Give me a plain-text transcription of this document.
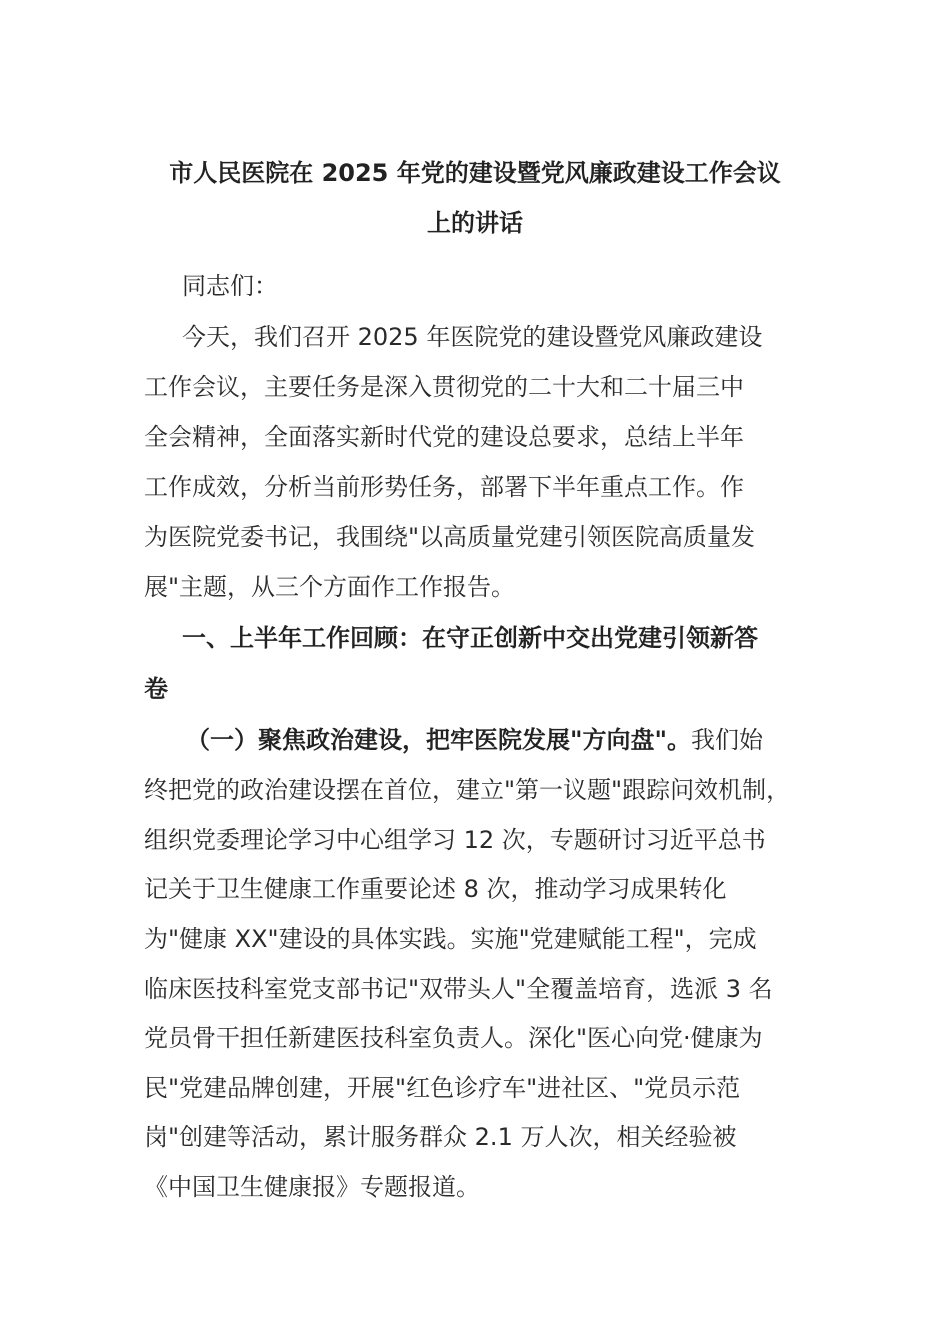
市人民医院在 2025 年党的建设暨党风廉政建设工作会议
上的讲话
同志们：
今天，我们召开 2025 年医院党的建设暨党风廉政建设
工作会议，主要任务是深入贯彻党的二十大和二十届三中
全会精神，全面落实新时代党的建设总要求，总结上半年
工作成效，分析当前形势任务，部署下半年重点工作。作
为医院党委书记，我围绕"以高质量党建引领医院高质量发
展"主题，从三个方面作工作报告。
一、上半年工作回顾：在守正创新中交出党建引领新答
卷
（一）聚焦政治建设，把牢医院发展"方向盘"。我们始
终把党的政治建设摆在首位，建立"第一议题"跟踪问效机制，
组织党委理论学习中心组学习 12 次，专题研讨习近平总书
记关于卫生健康工作重要论述 8 次，推动学习成果转化
为"健康 XX"建设的具体实践。实施"党建赋能工程"，完成
临床医技科室党支部书记"双带头人"全覆盖培育，选派 3 名
党员骨干担任新建医技科室负责人。深化"医心向党·健康为
民"党建品牌创建，开展"红色诊疗车"进社区、"党员示范
岗"创建等活动，累计服务群众 2.1 万人次，相关经验被
《中国卫生健康报》专题报道。
